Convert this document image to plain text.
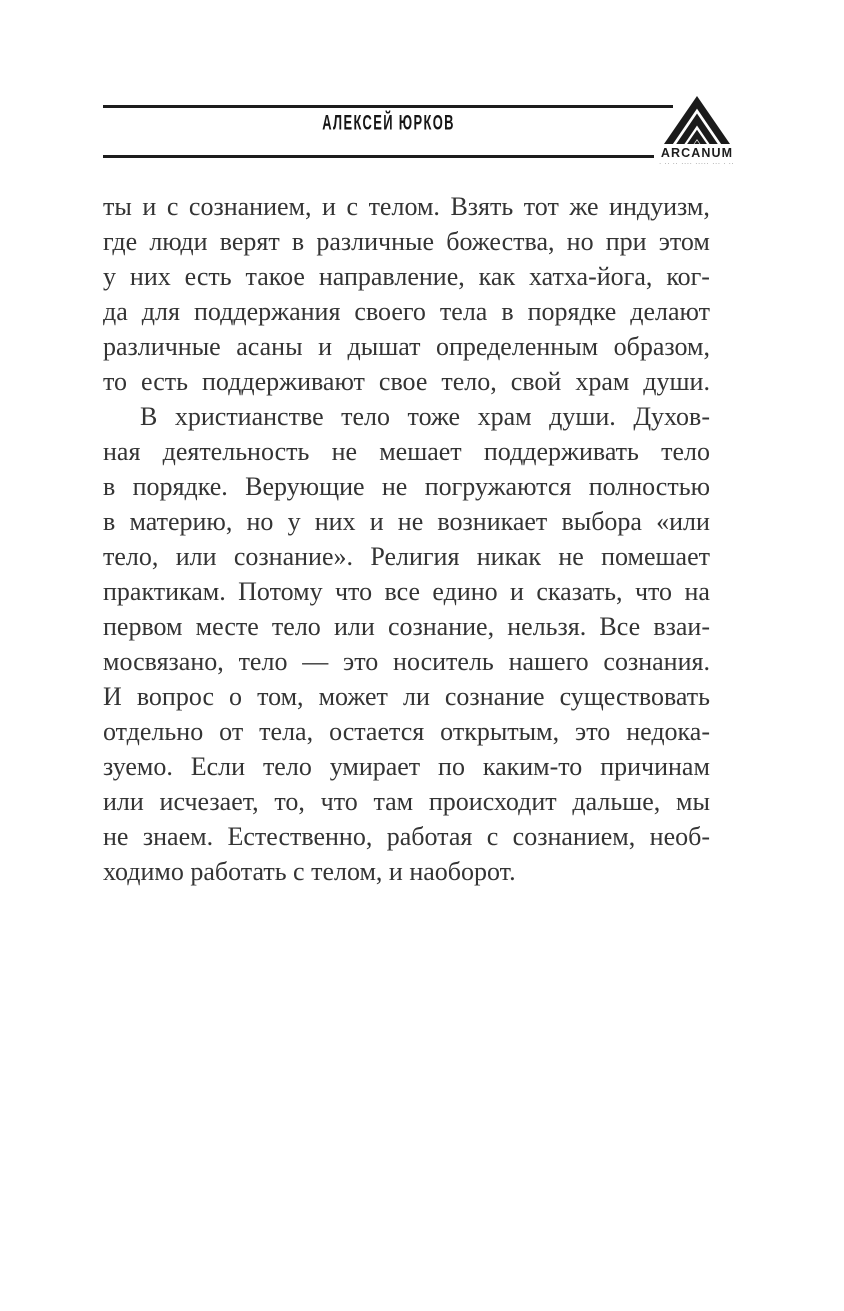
АЛЕКСЕЙ ЮРКОВ
ARCANUM
· ·· ·· ···· ····· ··· · ··
ты и с сознанием, и с телом. Взять тот же индуизм,
где люди верят в различные божества, но при этом
у них есть такое направление, как хатха-йога, ког-
да для поддержания своего тела в порядке делают
различные асаны и дышат определенным образом,
то есть поддерживают свое тело, свой храм души.
В христианстве тело тоже храм души. Духов-
ная деятельность не мешает поддерживать тело
в порядке. Верующие не погружаются полностью
в материю, но у них и не возникает выбора «или
тело, или сознание». Религия никак не помешает
практикам. Потому что все едино и сказать, что на
первом месте тело или сознание, нельзя. Все взаи-
мосвязано, тело — это носитель нашего сознания.
И вопрос о том, может ли сознание существовать
отдельно от тела, остается открытым, это недока-
зуемо. Если тело умирает по каким-то причинам
или исчезает, то, что там происходит дальше, мы
не знаем. Естественно, работая с сознанием, необ-
ходимо работать с телом, и наоборот.
